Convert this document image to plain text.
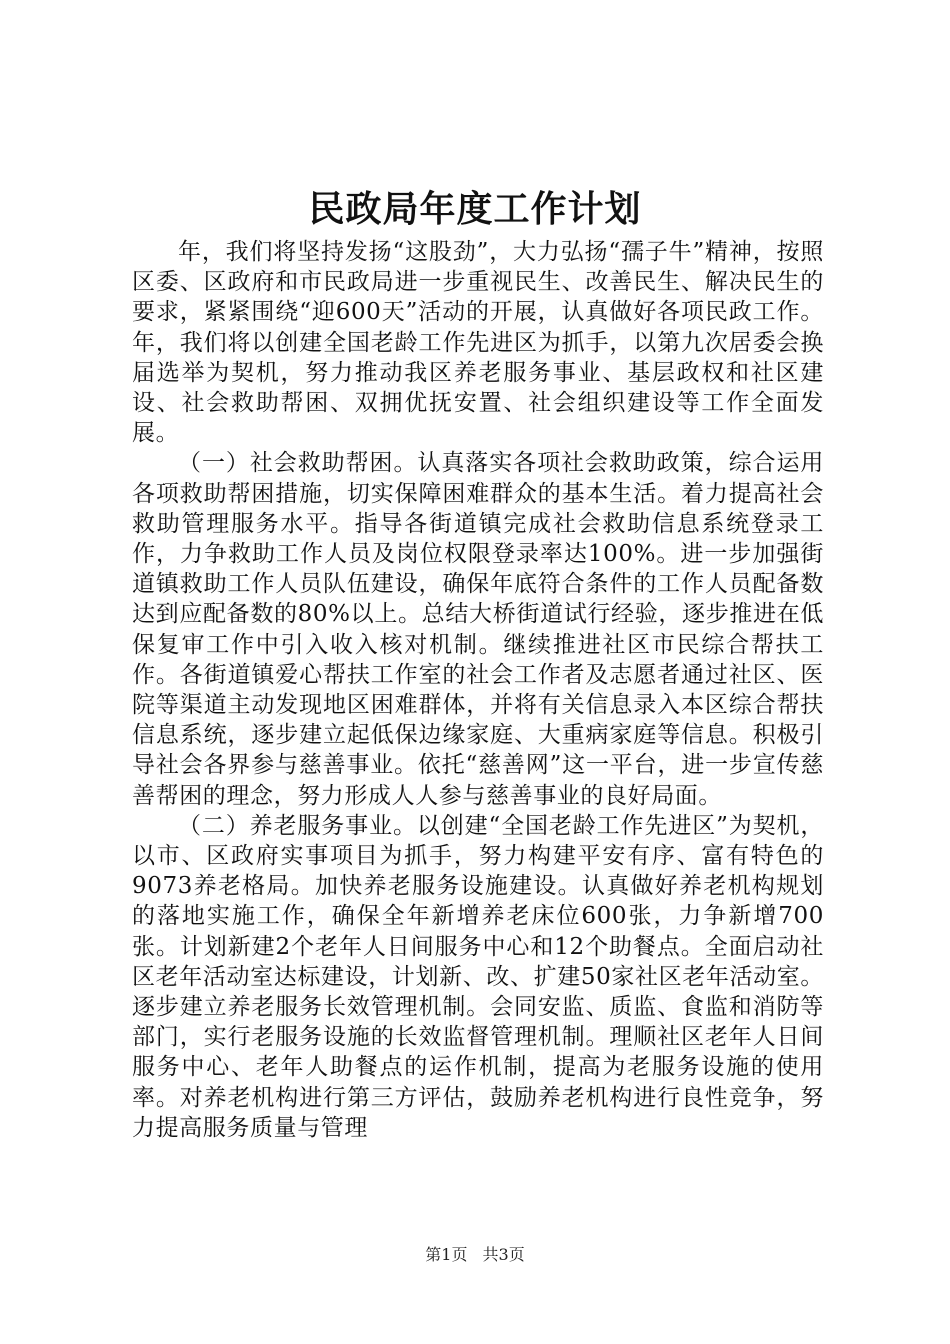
民政局年度工作计划

年，我们将坚持发扬“这股劲”，大力弘扬“孺子牛”精神，按照区委、区政府和市民政局进一步重视民生、改善民生、解决民生的要求，紧紧围绕“迎600天”活动的开展，认真做好各项民政工作。年，我们将以创建全国老龄工作先进区为抓手，以第九次居委会换届选举为契机，努力推动我区养老服务事业、基层政权和社区建设、社会救助帮困、双拥优抚安置、社会组织建设等工作全面发展。

（一）社会救助帮困。认真落实各项社会救助政策，综合运用各项救助帮困措施，切实保障困难群众的基本生活。着力提高社会救助管理服务水平。指导各街道镇完成社会救助信息系统登录工作，力争救助工作人员及岗位权限登录率达100%。进一步加强街道镇救助工作人员队伍建设，确保年底符合条件的工作人员配备数达到应配备数的80%以上。总结大桥街道试行经验，逐步推进在低保复审工作中引入收入核对机制。继续推进社区市民综合帮扶工作。各街道镇爱心帮扶工作室的社会工作者及志愿者通过社区、医院等渠道主动发现地区困难群体，并将有关信息录入本区综合帮扶信息系统，逐步建立起低保边缘家庭、大重病家庭等信息。积极引导社会各界参与慈善事业。依托“慈善网”这一平台，进一步宣传慈善帮困的理念，努力形成人人参与慈善事业的良好局面。

（二）养老服务事业。以创建“全国老龄工作先进区”为契机，以市、区政府实事项目为抓手，努力构建平安有序、富有特色的9073养老格局。加快养老服务设施建设。认真做好养老机构规划的落地实施工作，确保全年新增养老床位600张，力争新增700张。计划新建2个老年人日间服务中心和12个助餐点。全面启动社区老年活动室达标建设，计划新、改、扩建50家社区老年活动室。逐步建立养老服务长效管理机制。会同安监、质监、食监和消防等部门，实行老服务设施的长效监督管理机制。理顺社区老年人日间服务中心、老年人助餐点的运作机制，提高为老服务设施的使用率。对养老机构进行第三方评估，鼓励养老机构进行良性竞争，努力提高服务质量与管理

第1页 共3页
